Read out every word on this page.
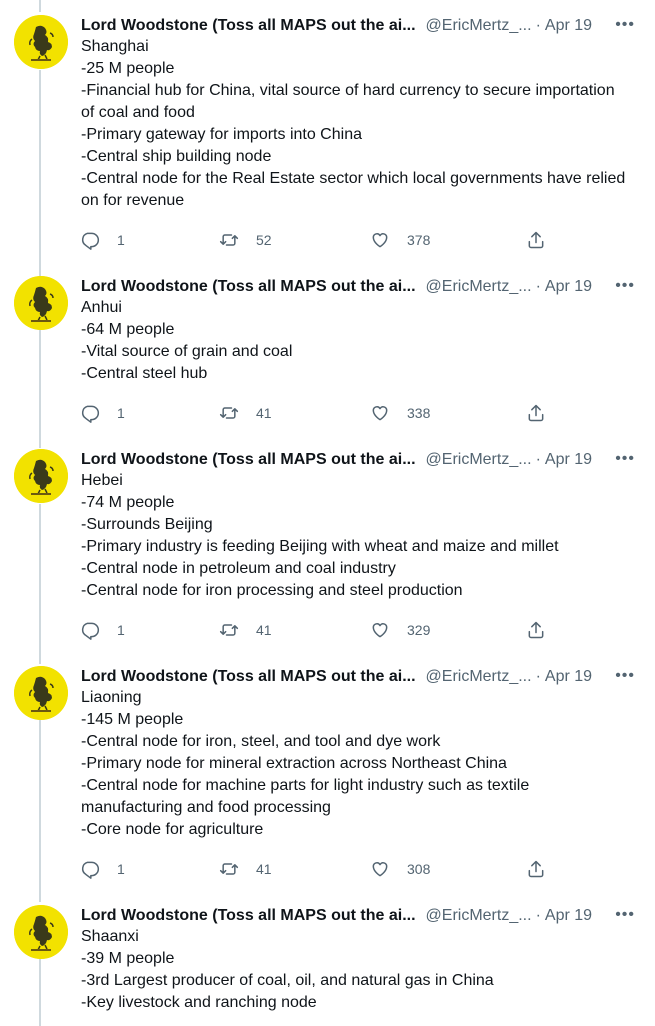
Lord Woodstone (Toss all MAPS out the ai... @EricMertz_... · Apr 19	•••
Shanghai
-25 M people
-Financial hub for China, vital source of hard currency to secure importation of coal and food
-Primary gateway for imports into China
-Central ship building node
-Central node for the Real Estate sector which local governments have relied on for revenue
1	52	378
Lord Woodstone (Toss all MAPS out the ai... @EricMertz_... · Apr 19	•••
Anhui
-64 M people
-Vital source of grain and coal
-Central steel hub
1	41	338
Lord Woodstone (Toss all MAPS out the ai... @EricMertz_... · Apr 19	•••
Hebei
-74 M people
-Surrounds Beijing
-Primary industry is feeding Beijing with wheat and maize and millet
-Central node in petroleum and coal industry
-Central node for iron processing and steel production
1	41	329
Lord Woodstone (Toss all MAPS out the ai... @EricMertz_... · Apr 19	•••
Liaoning
-145 M people
-Central node for iron, steel, and tool and dye work
-Primary node for mineral extraction across Northeast China
-Central node for machine parts for light industry such as textile manufacturing and food processing
-Core node for agriculture
1	41	308
Lord Woodstone (Toss all MAPS out the ai... @EricMertz_... · Apr 19	•••
Shaanxi
-39 M people
-3rd Largest producer of coal, oil, and natural gas in China
-Key livestock and ranching node
